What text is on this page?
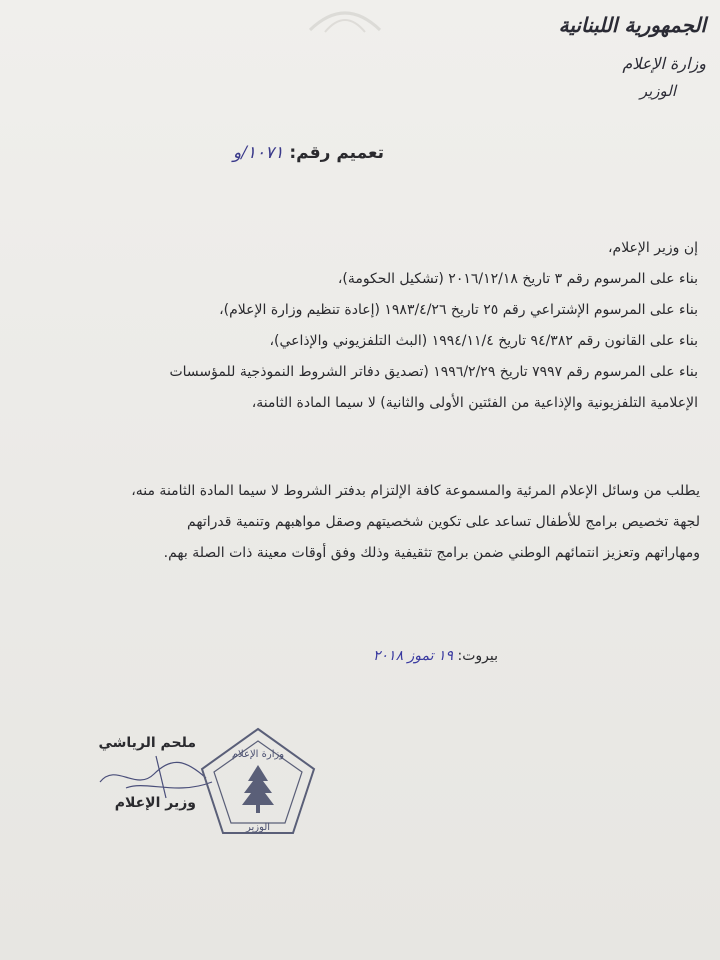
الجمهورية اللبنانية
وزارة الإعلام
الوزير
تعميم رقم: ١٠٧١/و
إن وزير الإعلام،
بناء على المرسوم رقم ٣ تاريخ ٢٠١٦/١٢/١٨ (تشكيل الحكومة)،
بناء على المرسوم الإشتراعي رقم ٢٥ تاريخ ١٩٨٣/٤/٢٦ (إعادة تنظيم وزارة الإعلام)،
بناء على القانون رقم ٩٤/٣٨٢ تاريخ ١٩٩٤/١١/٤ (البث التلفزيوني والإذاعي)،
بناء على المرسوم رقم ٧٩٩٧ تاريخ ١٩٩٦/٢/٢٩ (تصديق دفاتر الشروط النموذجية للمؤسسات
الإعلامية التلفزيونية والإذاعية من الفئتين الأولى والثانية) لا سيما المادة الثامنة،
يطلب من وسائل الإعلام المرئية والمسموعة كافة الإلتزام بدفتر الشروط لا سيما المادة الثامنة منه،
لجهة تخصيص برامج للأطفال تساعد على تكوين شخصيتهم وصقل مواهبهم وتنمية قدراتهم
ومهاراتهم وتعزيز انتمائهم الوطني ضمن برامج تثقيفية وذلك وفق أوقات معينة ذات الصلة بهم.
بيروت: ١٩ تموز ٢٠١٨
ملحم الرياشي
وزير الإعلام
وزارة الإعلام
الوزير
